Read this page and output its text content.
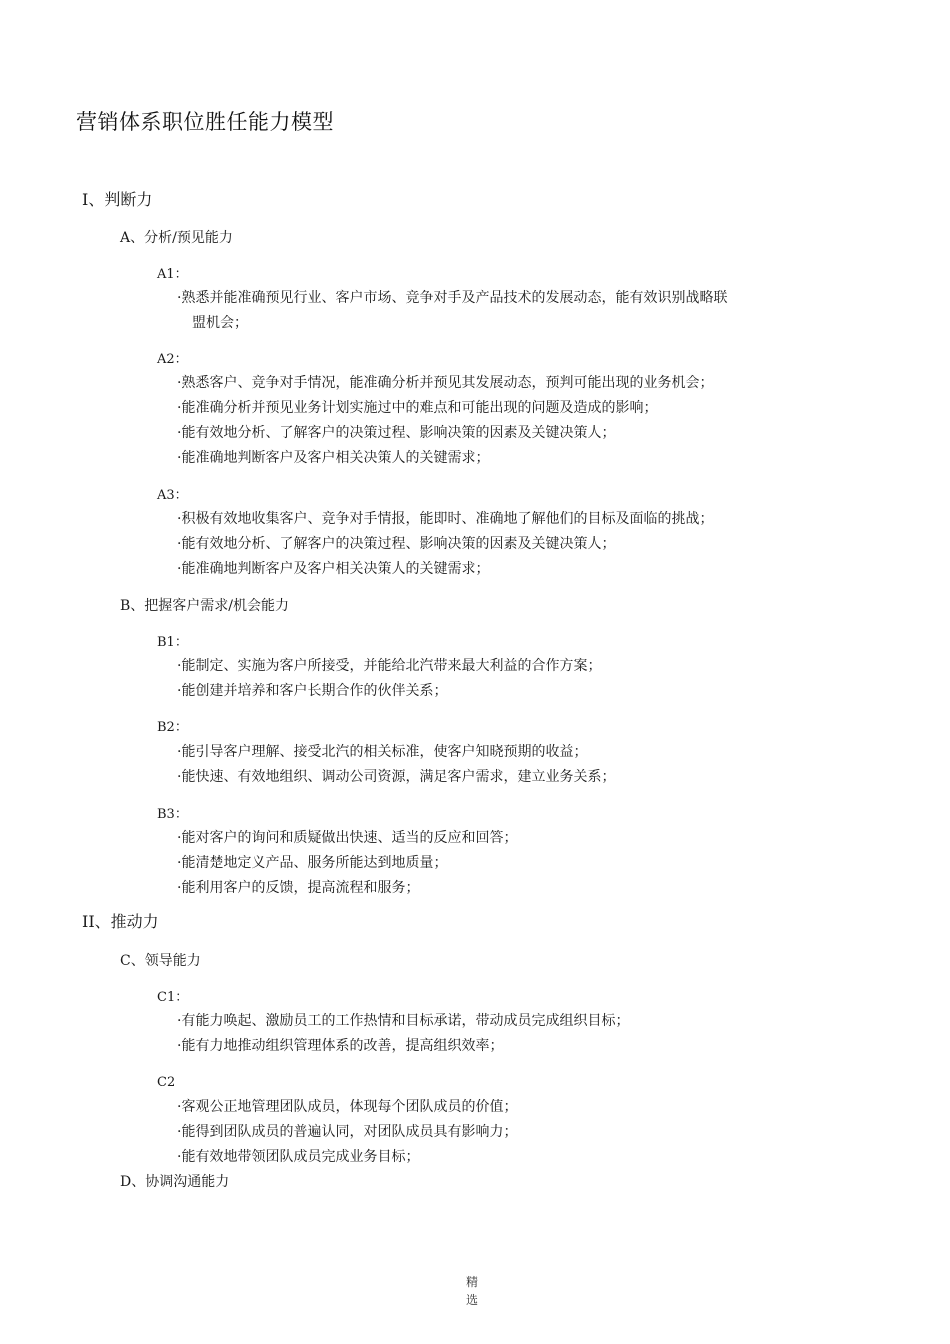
营销体系职位胜任能力模型
I、判断力
A、分析/预见能力
A1：
·熟悉并能准确预见行业、客户市场、竞争对手及产品技术的发展动态，能有效识别战略联
盟机会；
A2：
·熟悉客户、竞争对手情况，能准确分析并预见其发展动态，预判可能出现的业务机会；
·能准确分析并预见业务计划实施过中的难点和可能出现的问题及造成的影响；
·能有效地分析、了解客户的决策过程、影响决策的因素及关键决策人；
·能准确地判断客户及客户相关决策人的关键需求；
A3：
·积极有效地收集客户、竞争对手情报，能即时、准确地了解他们的目标及面临的挑战；
·能有效地分析、了解客户的决策过程、影响决策的因素及关键决策人；
·能准确地判断客户及客户相关决策人的关键需求；
B、把握客户需求/机会能力
B1：
·能制定、实施为客户所接受，并能给北汽带来最大利益的合作方案；
·能创建并培养和客户长期合作的伙伴关系；
B2：
·能引导客户理解、接受北汽的相关标准，使客户知晓预期的收益；
·能快速、有效地组织、调动公司资源，满足客户需求，建立业务关系；
B3：
·能对客户的询问和质疑做出快速、适当的反应和回答；
·能清楚地定义产品、服务所能达到地质量；
·能利用客户的反馈，提高流程和服务；
II、推动力
C、领导能力
C1：
·有能力唤起、激励员工的工作热情和目标承诺，带动成员完成组织目标；
·能有力地推动组织管理体系的改善，提高组织效率；
C2
·客观公正地管理团队成员，体现每个团队成员的价值；
·能得到团队成员的普遍认同，对团队成员具有影响力；
·能有效地带领团队成员完成业务目标；
D、协调沟通能力
精
选
